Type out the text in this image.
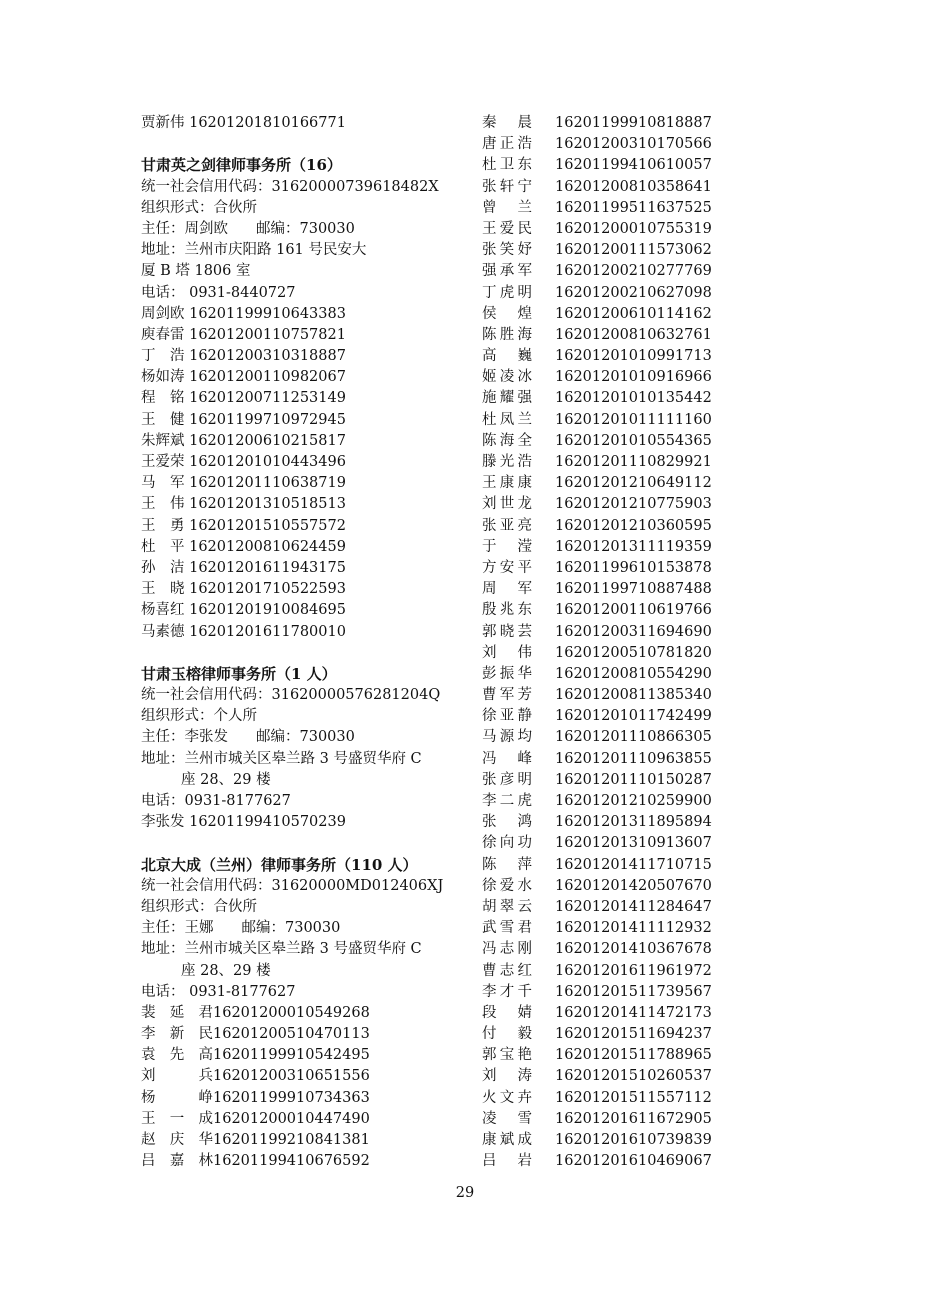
贾新伟 16201201810166771
甘肃英之剑律师事务所（16）
统一社会信用代码：31620000739618482X
组织形式：合伙所
主任：周剑欧 邮编：730030
地址：兰州市庆阳路 161 号民安大
厦 B 塔 1806 室
电话： 0931-8440727
周剑欧 16201199910643383
庾春雷 16201200110757821
丁　浩 16201200310318887
杨如涛 16201200110982067
程　铭 16201200711253149
王　健 16201199710972945
朱辉斌 16201200610215817
王爱荣 16201201010443496
马　军 16201201110638719
王　伟 16201201310518513
王　勇 16201201510557572
杜　平 16201200810624459
孙　洁 16201201611943175
王　晓 16201201710522593
杨喜红 16201201910084695
马素德 16201201611780010
甘肃玉榕律师事务所（1 人）
统一社会信用代码：31620000576281204Q
组织形式：个人所
主任：李张发 邮编：730030
地址：兰州市城关区皋兰路 3 号盛贸华府 C
座 28、29 楼
电话：0931-8177627
李张发 16201199410570239
北京大成（兰州）律师事务所（110 人）
统一社会信用代码：31620000MD012406XJ
组织形式：合伙所
主任：王娜 邮编：730030
地址：兰州市城关区皋兰路 3 号盛贸华府 C
座 28、29 楼
电话： 0931-8177627
裴延君16201200010549268
李新民16201200510470113
袁先高16201199910542495
刘　兵16201200310651556
杨　峥16201199910734363
王一成16201200010447490
赵庆华16201199210841381
吕嘉林16201199410676592
秦　晨 16201199910818887
唐正浩 16201200310170566
杜卫东 16201199410610057
张轩宁 16201200810358641
曾　兰 16201199511637525
王爱民 16201200010755319
张笑妤 16201200111573062
强承军 16201200210277769
丁虎明 16201200210627098
侯　煌 16201200610114162
陈胜海 16201200810632761
高　巍 16201201010991713
姬凌冰 16201201010916966
施耀强 16201201010135442
杜凤兰 16201201011111160
陈海全 16201201010554365
滕光浩 16201201110829921
王康康 16201201210649112
刘世龙 16201201210775903
张亚亮 16201201210360595
于　滢 16201201311119359
方安平 16201199610153878
周　军 16201199710887488
殷兆东 16201200110619766
郭晓芸 16201200311694690
刘　伟 16201200510781820
彭振华 16201200810554290
曹军芳 16201200811385340
徐亚静 16201201011742499
马源均 16201201110866305
冯　峰 16201201110963855
张彦明 16201201110150287
李二虎 16201201210259900
张　鸿 16201201311895894
徐向功 16201201310913607
陈　萍 16201201411710715
徐爱水 16201201420507670
胡翠云 16201201411284647
武雪君 16201201411112932
冯志刚 16201201410367678
曹志红 16201201611961972
李才千 16201201511739567
段　婧 16201201411472173
付　毅 16201201511694237
郭宝艳 16201201511788965
刘　涛 16201201510260537
火文卉 16201201511557112
凌　雪 16201201611672905
康斌成 16201201610739839
吕　岩 16201201610469067
29
